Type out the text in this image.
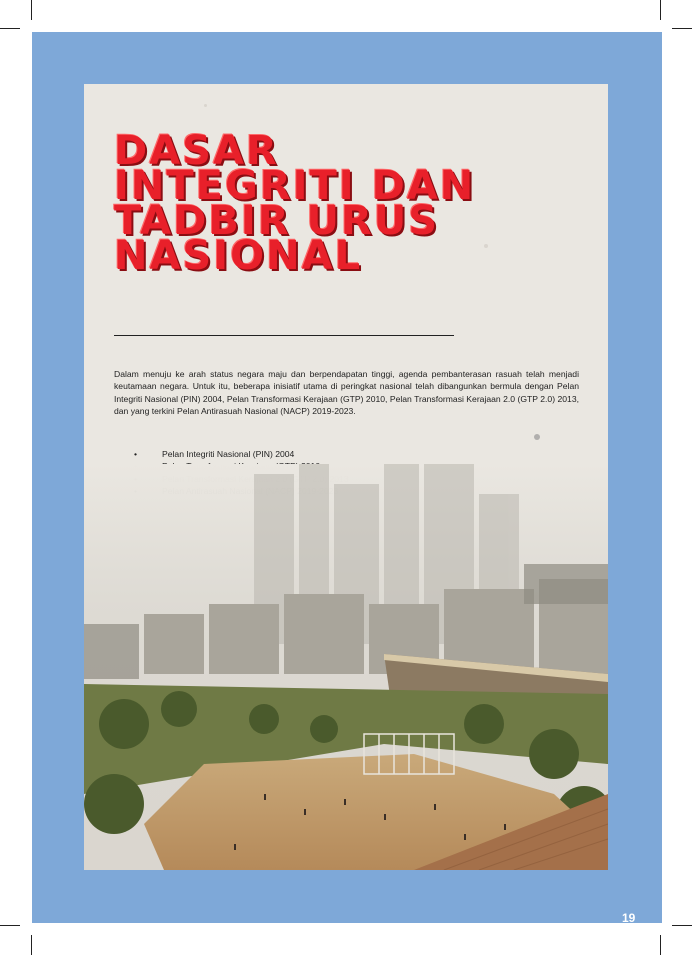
DASAR
INTEGRITI DAN
TADBIR URUS
NASIONAL

Dalam menuju ke arah status negara maju dan berpendapatan tinggi, agenda pembanterasan rasuah telah menjadi keutamaan negara. Untuk itu, beberapa inisiatif utama di peringkat nasional telah dibangunkan bermula dengan Pelan Integriti Nasional (PIN) 2004, Pelan Transformasi Kerajaan (GTP) 2010, Pelan Transformasi Kerajaan 2.0 (GTP 2.0) 2013, dan yang terkini Pelan Antirasuah Nasional (NACP) 2019-2023.

•	Pelan Integriti Nasional (PIN) 2004

19
